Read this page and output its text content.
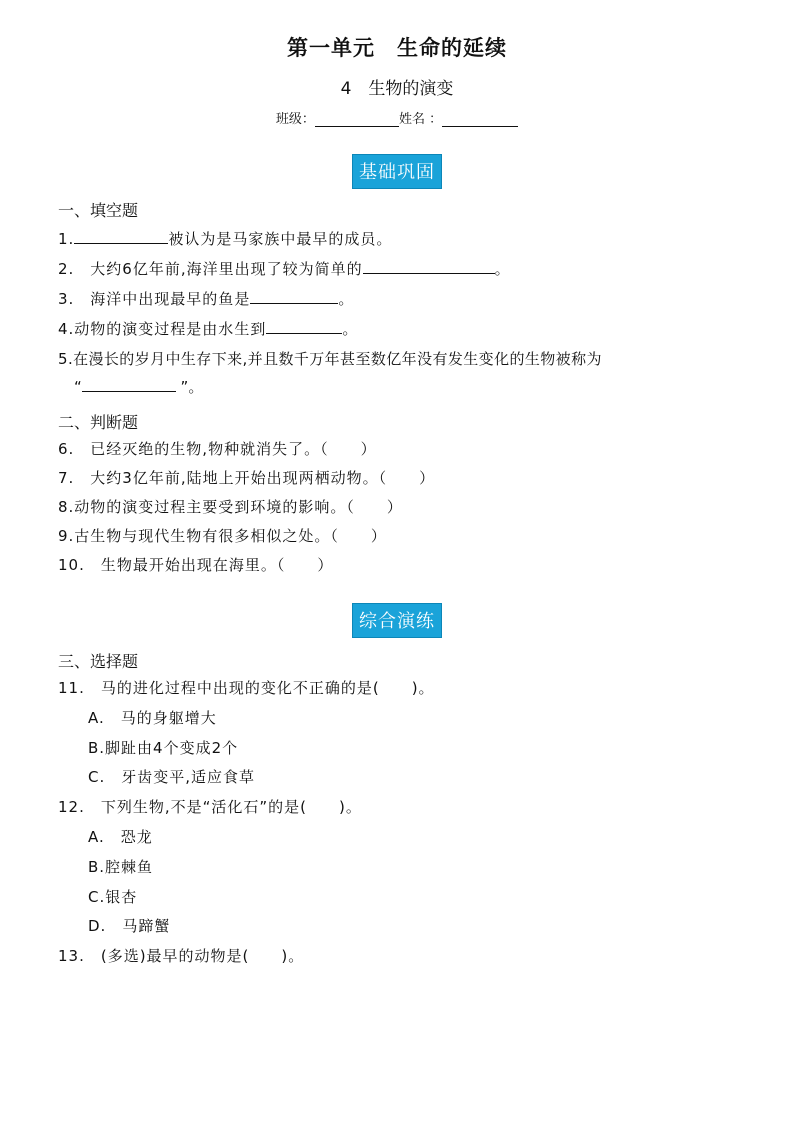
第一单元　生命的延续
4　生物的演变
班级：	姓名 ：
基础巩固
一、填空题
1.	被认为是马家族中最早的成员。
2.　大约6亿年前,海洋里出现了较为简单的	。
3.　海洋中出现最早的鱼是	。
4.动物的演变过程是由水生到	。
5.在漫长的岁月中生存下来,并且数千万年甚至数亿年没有发生变化的生物被称为
“	”。
二、判断题
6.　已经灭绝的生物,物种就消失了。（　　）
7.　大约3亿年前,陆地上开始出现两栖动物。（　　）
8.动物的演变过程主要受到环境的影响。（　　）
9.古生物与现代生物有很多相似之处。（　　）
10.　生物最开始出现在海里。（　　）
综合演练
三、选择题
11.　马的进化过程中出现的变化不正确的是(　　)。
A.　马的身躯增大
B.脚趾由4个变成2个
C.　牙齿变平,适应食草
12.　下列生物,不是“活化石”的是(　　)。
A.　恐龙
B.腔棘鱼
C.银杏
D.　马蹄蟹
13.　(多选)最早的动物是(　　)。
